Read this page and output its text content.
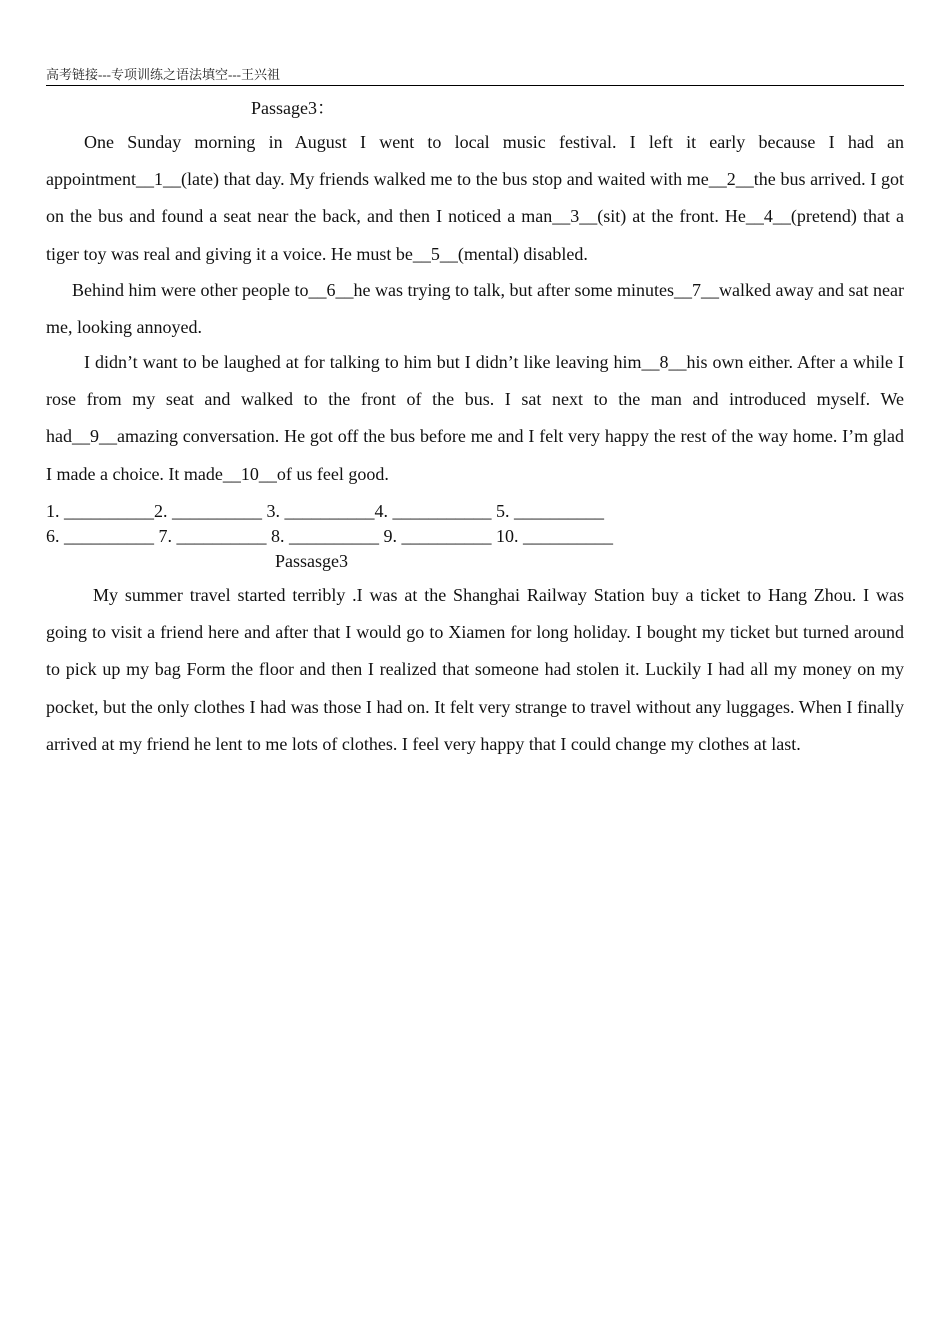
高考链接---专项训练之语法填空---王兴祖
Passage3：

One Sunday morning in August I went to local music festival. I left it early because I had an appointment__1__(late) that day. My friends walked me to the bus stop and waited with me__2__the bus arrived. I got on the bus and found a seat near the back, and then I noticed a man__3__(sit) at the front. He__4__(pretend) that a tiger toy was real and giving it a voice. He must be__5__(mental) disabled.

Behind him were other people to__6__he was trying to talk, but after some minutes__7__walked away and sat near me, looking annoyed.

I didn’t want to be laughed at for talking to him but I didn’t like leaving him__8__his own either. After a while I rose from my seat and walked to the front of the bus. I sat next to the man and introduced myself. We had__9__amazing conversation. He got off the bus before me and I felt very happy the rest of the way home. I’m glad I made a choice. It made__10__of us feel good.

1. __________2. __________ 3. __________4. ___________ 5. __________
6. __________ 7. __________ 8. __________ 9. __________ 10. __________
Passasge3

My summer travel started terribly .I was at the Shanghai Railway Station buy a ticket to Hang Zhou. I was going to visit a friend here and after that I would go to Xiamen for long holiday. I bought my ticket but turned around to pick up my bag Form the floor and then I realized that someone had stolen it. Luckily I had all my money on my pocket, but the only clothes I had was those I had on. It felt very strange to travel without any luggages. When I finally arrived at my friend he lent to me lots of clothes. I feel very happy that I could change my clothes at last.
